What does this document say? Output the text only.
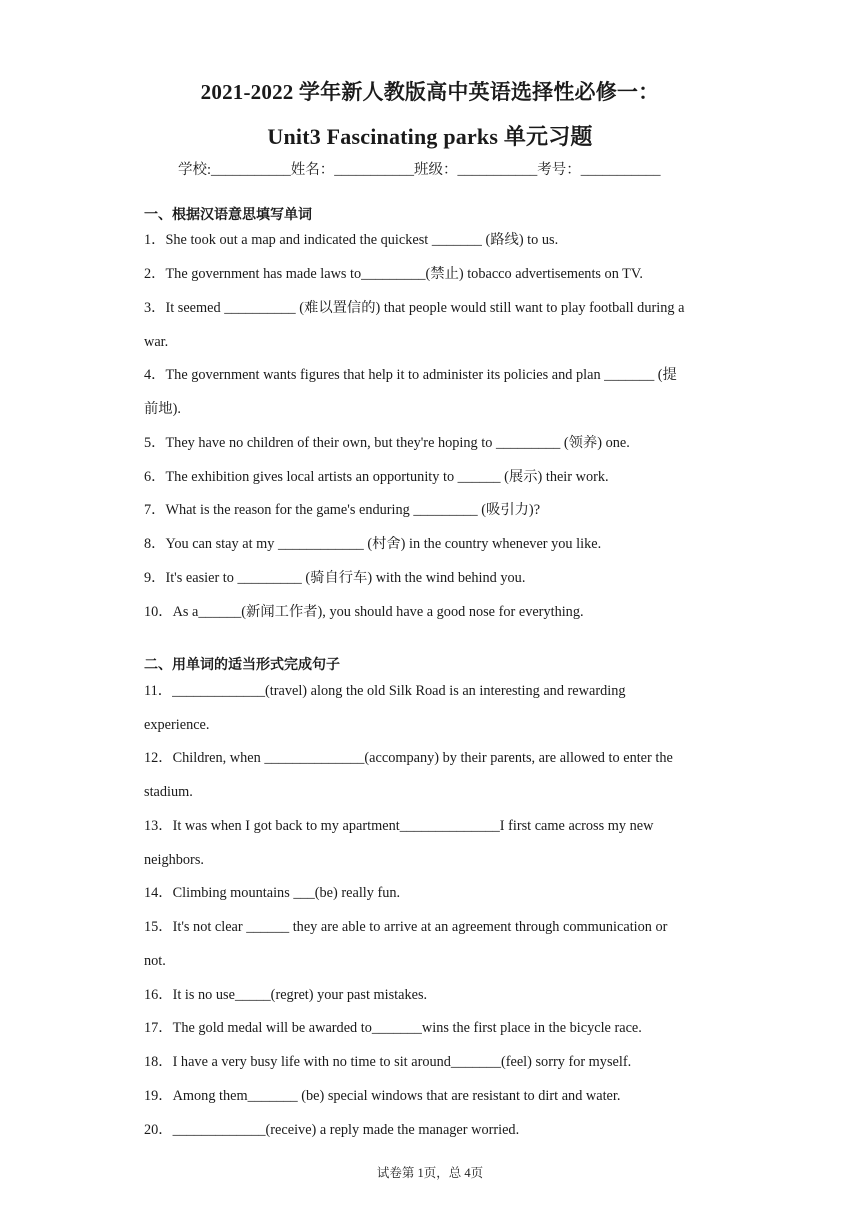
2021-2022 学年新人教版高中英语选择性必修一：
Unit3 Fascinating parks 单元习题
学校:___________姓名：___________班级：___________考号：___________
一、根据汉语意思填写单词
1．She took out a map and indicated the quickest _______ (路线) to us.
2．The government has made laws to_________(禁止) tobacco advertisements on TV.
3．It seemed __________ (难以置信的) that people would still want to play football during a
war.
4．The government wants figures that help it to administer its policies and plan _______ (提
前地).
5．They have no children of their own, but they're hoping to _________ (领养) one.
6．The exhibition gives local artists an opportunity to ______ (展示) their work.
7．What is the reason for the game's enduring _________ (吸引力)?
8．You can stay at my ____________ (村舍) in the country whenever you like.
9．It's easier to _________ (骑自行车) with the wind behind you.
10．As a______(新闻工作者), you should have a good nose for everything.
二、用单词的适当形式完成句子
11．_____________(travel) along the old Silk Road is an interesting and rewarding
experience.
12．Children, when ______________(accompany) by their parents, are allowed to enter the
stadium.
13．It was when I got back to my apartment______________I first came across my new
neighbors.
14．Climbing mountains ___(be) really fun.
15．It's not clear ______ they are able to arrive at an agreement through communication or
not.
16．It is no use_____(regret) your past mistakes.
17．The gold medal will be awarded to_______wins the first place in the bicycle race.
18．I have a very busy life with no time to sit around_______(feel) sorry for myself.
19．Among them_______ (be) special windows that are resistant to dirt and water.
20．_____________(receive) a reply made the manager worried.
试卷第 1页，总 4页
